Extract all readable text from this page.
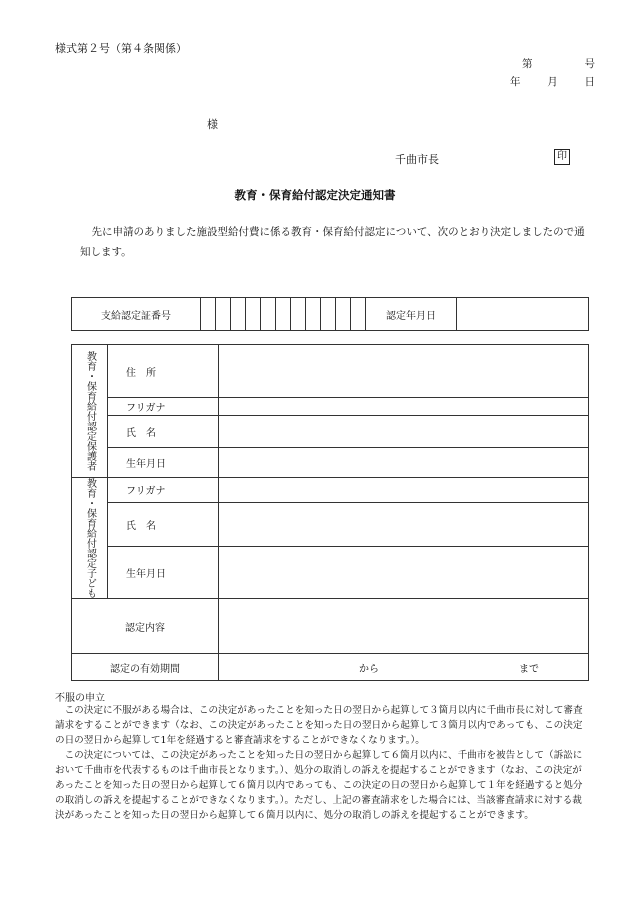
様式第２号（第４条関係）
第	号
年	月	日
様
千曲市長	印
教育・保育給付認定決定通知書
先に申請のありました施設型給付費に係る教育・保育給付認定について、次のとおり決定しましたので通知します。
支給認定証番号												認定年月日	
教育・保育給付認定保護者	住　所	
	フリガナ	
	氏　名	
	生年月日	

教育・保育給付認定子ども	フリガナ	
	氏　名	
	生年月日	
認定内容		
認定の有効期間		から まで
不服の申立

この決定に不服がある場合は、この決定があったことを知った日の翌日から起算して３箇月以内に千曲市長に対して審査請求をすることができます（なお、この決定があったことを知った日の翌日から起算して３箇月以内であっても、この決定の日の翌日から起算して1年を経過すると審査請求をすることができなくなります。）。

この決定については、この決定があったことを知った日の翌日から起算して６箇月以内に、千曲市を被告として（訴訟において千曲市を代表するものは千曲市長となります。）、処分の取消しの訴えを提起することができます（なお、この決定があったことを知った日の翌日から起算して６箇月以内であっても、この決定の日の翌日から起算して１年を経過すると処分の取消しの訴えを提起することができなくなります。）。ただし、上記の審査請求をした場合には、当該審査請求に対する裁決があったことを知った日の翌日から起算して６箇月以内に、処分の取消しの訴えを提起することができます。
